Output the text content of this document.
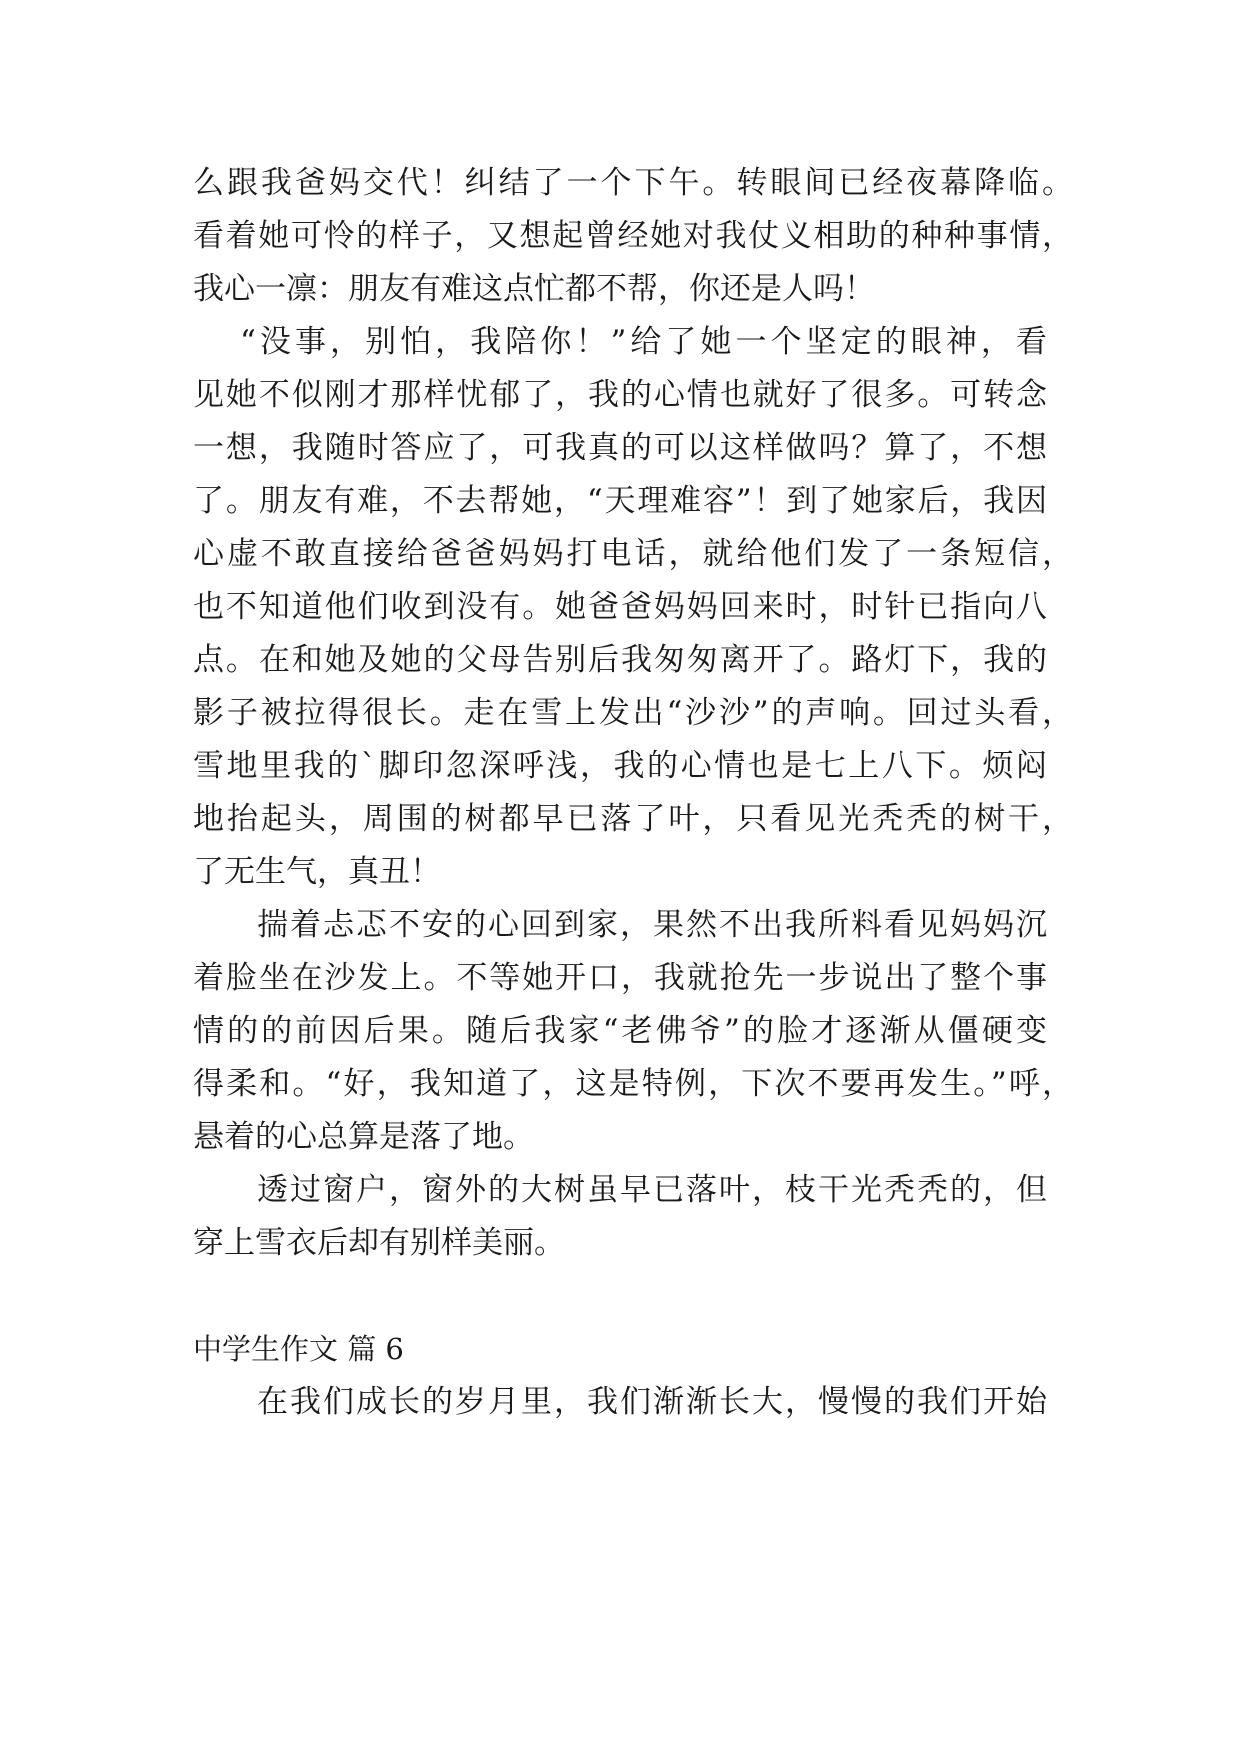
么跟我爸妈交代！纠结了一个下午。转眼间已经夜幕降临。
看着她可怜的样子，又想起曾经她对我仗义相助的种种事情，
我心一凛：朋友有难这点忙都不帮，你还是人吗！
“没事，别怕，我陪你！”给了她一个坚定的眼神，看
见她不似刚才那样忧郁了，我的心情也就好了很多。可转念
一想，我随时答应了，可我真的可以这样做吗？算了，不想
了。朋友有难，不去帮她，“天理难容”！到了她家后，我因
心虚不敢直接给爸爸妈妈打电话，就给他们发了一条短信，
也不知道他们收到没有。她爸爸妈妈回来时，时针已指向八
点。在和她及她的父母告别后我匆匆离开了。路灯下，我的
影子被拉得很长。走在雪上发出“沙沙”的声响。回过头看，
雪地里我的`脚印忽深呼浅，我的心情也是七上八下。烦闷
地抬起头，周围的树都早已落了叶，只看见光秃秃的树干，
了无生气，真丑！
揣着忐忑不安的心回到家，果然不出我所料看见妈妈沉
着脸坐在沙发上。不等她开口，我就抢先一步说出了整个事
情的的前因后果。随后我家“老佛爷”的脸才逐渐从僵硬变
得柔和。“好，我知道了，这是特例，下次不要再发生。”呼，
悬着的心总算是落了地。
透过窗户，窗外的大树虽早已落叶，枝干光秃秃的，但
穿上雪衣后却有别样美丽。
中学生作文 篇 6
在我们成长的岁月里，我们渐渐长大，慢慢的我们开始
